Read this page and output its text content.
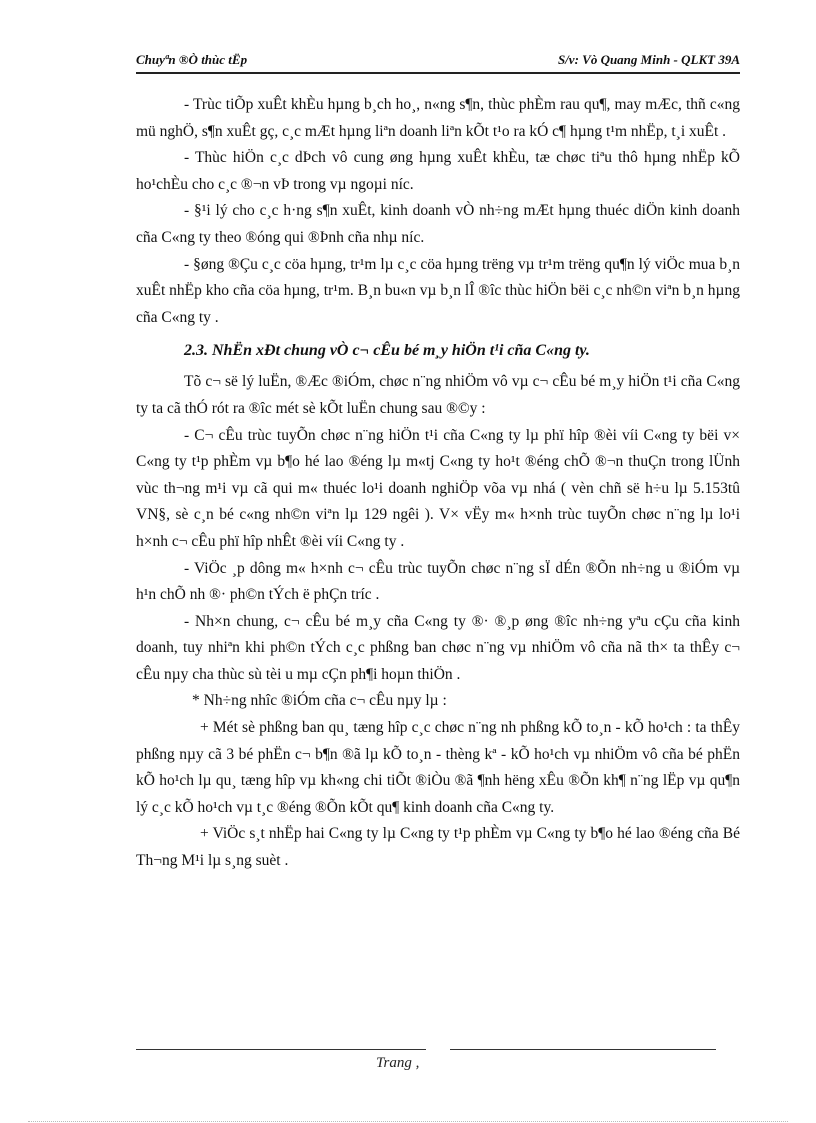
Chuyªn ®Ò thùc tËp	S/v: Vò Quang Minh - QLKT 39A

- Trùc tiÕp xuÊt khÈu hµng b¸ch ho¸, n«ng s¶n, thùc phÈm rau qu¶, may mÆc, thñ c«ng mü nghÖ, s¶n xuÊt gç, c¸c mÆt hµng liªn doanh liªn kÕt t¹o ra kÓ c¶ hµng t¹m nhËp, t¸i xuÊt .

- Thùc hiÖn c¸c dÞch vô cung øng hµng xuÊt khÈu, tæ chøc tiªu thô hµng nhËp kÕ ho¹chÈu cho c¸c ®¬n vÞ trong vµ ngoµi níc.

- §¹i lý cho c¸c h·ng s¶n xuÊt, kinh doanh vÒ nh÷ng mÆt hµng thuéc diÖn kinh doanh cña C«ng ty theo ®óng qui ®Þnh cña nhµ níc.

- §øng ®Çu c¸c cöa hµng, tr¹m lµ c¸c cöa hµng trëng vµ tr¹m trëng qu¶n lý viÖc mua b¸n xuÊt nhËp kho cña cöa hµng, tr¹m. B¸n bu«n vµ b¸n lÎ ®îc thùc hiÖn bëi c¸c nh©n viªn b¸n hµng cña C«ng ty .

2.3. NhËn xÐt chung vÒ c¬ cÊu bé m¸y hiÖn t¹i cña C«ng ty.

Tõ c¬ së lý luËn, ®Æc ®iÓm, chøc n¨ng nhiÖm vô vµ c¬ cÊu bé m¸y hiÖn t¹i cña C«ng ty ta cã thÓ rót ra ®îc mét sè kÕt luËn chung sau ®©y :

- C¬ cÊu trùc tuyÕn chøc n¨ng hiÖn t¹i cña C«ng ty lµ phï hîp ®èi víi C«ng ty bëi v× C«ng ty t¹p phÈm vµ b¶o hé lao ®éng lµ m«tj C«ng ty ho¹t ®éng chÕ ®¬n thuÇn trong lÜnh vùc th¬ng m¹i vµ cã qui m« thuéc lo¹i doanh nghiÖp võa vµ nhá ( vèn chñ së h÷u lµ 5.153tû VN§, sè c¸n bé c«ng nh©n viªn lµ 129 ngêi ). V× vËy m« h×nh trùc tuyÕn chøc n¨ng lµ lo¹i h×nh c¬ cÊu phï hîp nhÊt ®èi víi C«ng ty .

- ViÖc ¸p dông m« h×nh c¬ cÊu trùc tuyÕn chøc n¨ng sÏ dÉn ®Õn nh÷ng u ®iÓm vµ h¹n chÕ nh ®· ph©n tÝch ë phÇn tríc .

- Nh×n chung, c¬ cÊu bé m¸y cña C«ng ty ®· ®¸p øng ®îc nh÷ng yªu cÇu cña kinh doanh, tuy nhiªn khi ph©n tÝch c¸c phßng ban chøc n¨ng vµ nhiÖm vô cña nã th× ta thÊy c¬ cÊu nµy cha thùc sù tèi u mµ cÇn ph¶i hoµn thiÖn .

* Nh÷ng nhîc ®iÓm cña c¬ cÊu nµy lµ :

+ Mét sè phßng ban qu¸ tæng hîp c¸c chøc n¨ng nh phßng kÕ to¸n - kÕ ho¹ch : ta thÊy phßng nµy cã 3 bé phËn c¬ b¶n ®ã lµ kÕ to¸n - thèng kª - kÕ ho¹ch vµ nhiÖm vô cña bé phËn kÕ ho¹ch lµ qu¸ tæng hîp vµ kh«ng chi tiÕt ®iÒu ®ã ¶nh hëng xÊu ®Õn kh¶ n¨ng lËp vµ qu¶n lý c¸c kÕ ho¹ch vµ t¸c ®éng ®Õn kÕt qu¶ kinh doanh cña C«ng ty.

+ ViÖc s¸t nhËp hai C«ng ty lµ C«ng ty t¹p phÈm vµ C«ng ty b¶o hé lao ®éng cña Bé Th¬ng M¹i lµ s¸ng suèt .

Trang ,
